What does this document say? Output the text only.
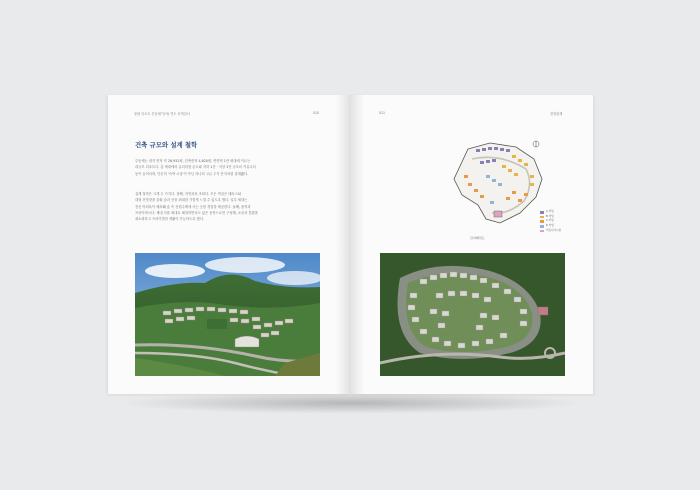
용평 리조트 루송체기(아) 연도 산책설서	010
건축 규모와 설계 철학

루송체는 대지 면적 약 26,952평, 건축면적 4,620평, 연면적 1만 평대에 이르는

대규모 리조트다. 총 세대에의 유리리엄 콘도와 지하 1층 · 지상 3층 규모의 커뮤니티

동이 들어서며, 단순히 '숙박 시설'이 아닌 하나의 고급 주거 단지처럼 설계됐다.

설계 철학은 크게 두 가지다. 첫째, 자연과의 조화다. 모든 객실은 테라스와

대형 전망창을 갖춰 숲과 산을 최대한 가깝게 느낄 수 있도록 했다. 일부 세대는

전신 야외욕이 배치돼 숲 속 전원주택에 사는 듯한 경험을 제공한다. 둘째, 품격과

프라이버시다. 세대 사를 최대로 배정하면서도 넓은 동영으로만 구성해, 소음과 혼잡을

최소화하고 프라이빗한 생활이 가능하도록 했다.

011	현장취재
단지배치도
A 타입
B 타입
C 타입
D 타입
커뮤니티시설
